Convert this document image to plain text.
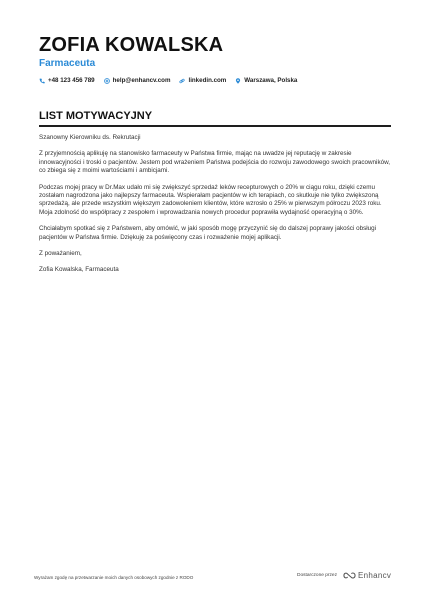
ZOFIA KOWALSKA
Farmaceuta
+48 123 456 789	help@enhancv.com	linkedin.com	Warszawa, Polska
LIST MOTYWACYJNY

Szanowny Kierowniku ds. Rekrutacji

Z przyjemnością aplikuję na stanowisko farmaceuty w Państwa firmie, mając na uwadze jej reputację w zakresie innowacyjności i troski o pacjentów. Jestem pod wrażeniem Państwa podejścia do rozwoju zawodowego swoich pracowników, co zbiega się z moimi wartościami i ambicjami.

Podczas mojej pracy w Dr.Max udało mi się zwiększyć sprzedaż leków recepturowych o 20% w ciągu roku, dzięki czemu zostałam nagrodzona jako najlepszy farmaceuta. Wspierałam pacjentów w ich terapiach, co skutkuje nie tylko zwiększoną sprzedażą, ale przede wszystkim większym zadowoleniem klientów, które wzrosło o 25% w pierwszym półroczu 2023 roku. Moja zdolność do współpracy z zespołem i wprowadzania nowych procedur poprawiła wydajność operacyjną o 30%.

Chciałabym spotkać się z Państwem, aby omówić, w jaki sposób mogę przyczynić się do dalszej poprawy jakości obsługi pacjentów w Państwa firmie. Dziękuję za poświęcony czas i rozważenie mojej aplikacji.

Z poważaniem,

Zofia Kowalska, Farmaceuta

Wyrażam zgodę na przetwarzanie moich danych osobowych zgodnie z RODO	Dostarczone przez	Enhancv
